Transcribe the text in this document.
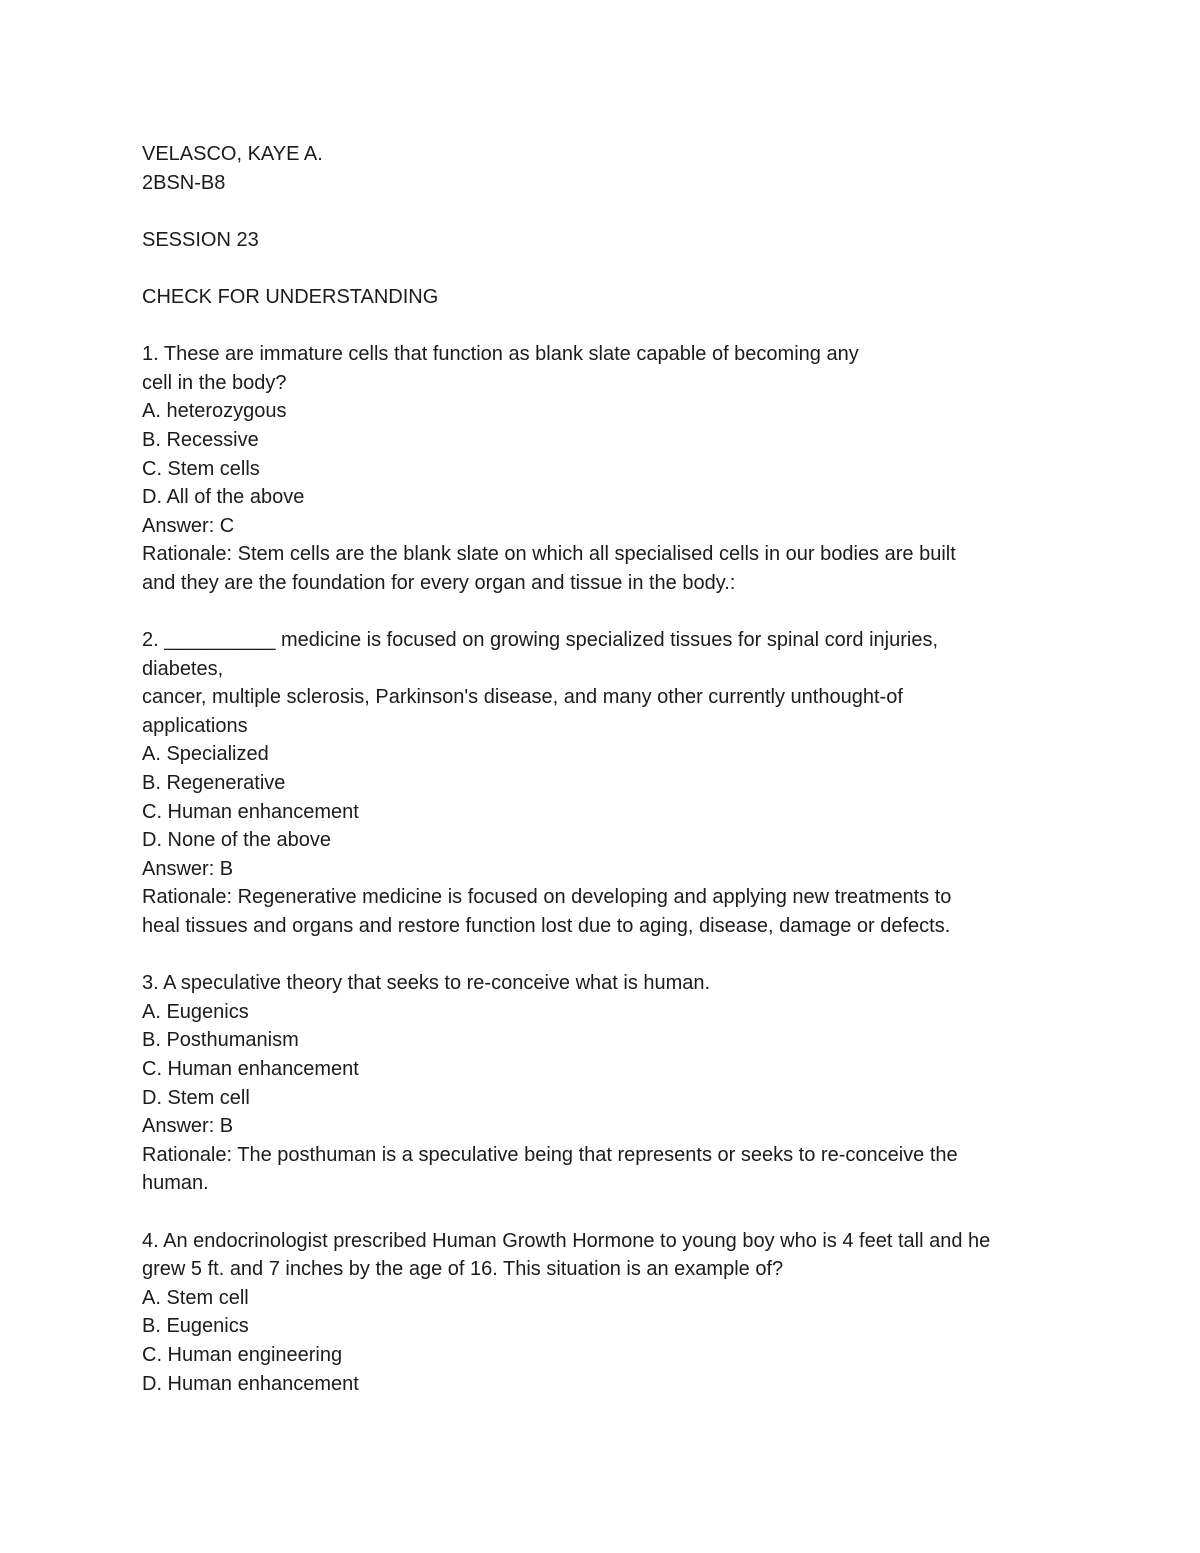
VELASCO, KAYE A.
2BSN-B8
SESSION 23
CHECK FOR UNDERSTANDING
1. These are immature cells that function as blank slate capable of becoming any
cell in the body?
A. heterozygous
B. Recessive
C. Stem cells
D. All of the above
Answer: C
Rationale: Stem cells are the blank slate on which all specialised cells in our bodies are built
and they are the foundation for every organ and tissue in the body.:
2. __________ medicine is focused on growing specialized tissues for spinal cord injuries,
diabetes,
cancer, multiple sclerosis, Parkinson's disease, and many other currently unthought-of
applications
A. Specialized
B. Regenerative
C. Human enhancement
D. None of the above
Answer: B
Rationale: Regenerative medicine is focused on developing and applying new treatments to
heal tissues and organs and restore function lost due to aging, disease, damage or defects.
3. A speculative theory that seeks to re-conceive what is human.
A. Eugenics
B. Posthumanism
C. Human enhancement
D. Stem cell
Answer: B
Rationale: The posthuman is a speculative being that represents or seeks to re-conceive the
human.
4. An endocrinologist prescribed Human Growth Hormone to young boy who is 4 feet tall and he
grew 5 ft. and 7 inches by the age of 16. This situation is an example of?
A. Stem cell
B. Eugenics
C. Human engineering
D. Human enhancement
